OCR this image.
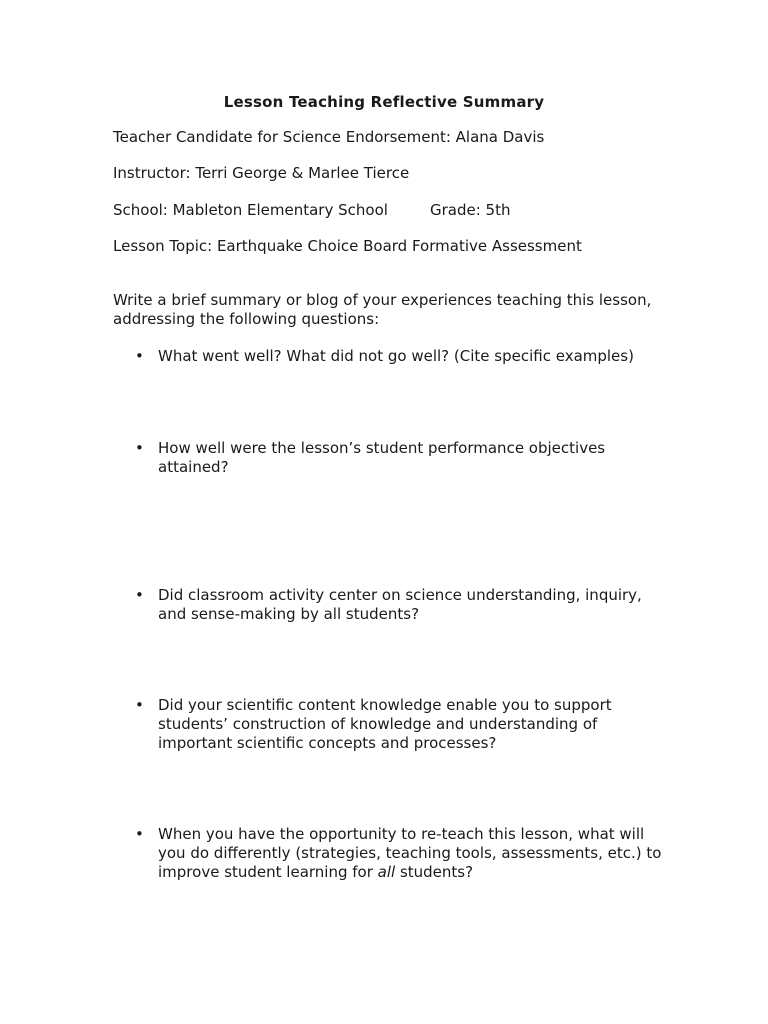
Lesson Teaching Reflective Summary
Teacher Candidate for Science Endorsement: Alana Davis
Instructor: Terri George & Marlee Tierce
School: Mableton Elementary School	Grade: 5th
Lesson Topic: Earthquake Choice Board Formative Assessment
Write a brief summary or blog of your experiences teaching this lesson, addressing the following questions:
• What went well? What did not go well? (Cite specific examples)
• How well were the lesson’s student performance objectives attained?
• Did classroom activity center on science understanding, inquiry, and sense-making by all students?
• Did your scientific content knowledge enable you to support students’ construction of knowledge and understanding of important scientific concepts and processes?
• When you have the opportunity to re-teach this lesson, what will you do differently (strategies, teaching tools, assessments, etc.) to improve student learning for all students?
